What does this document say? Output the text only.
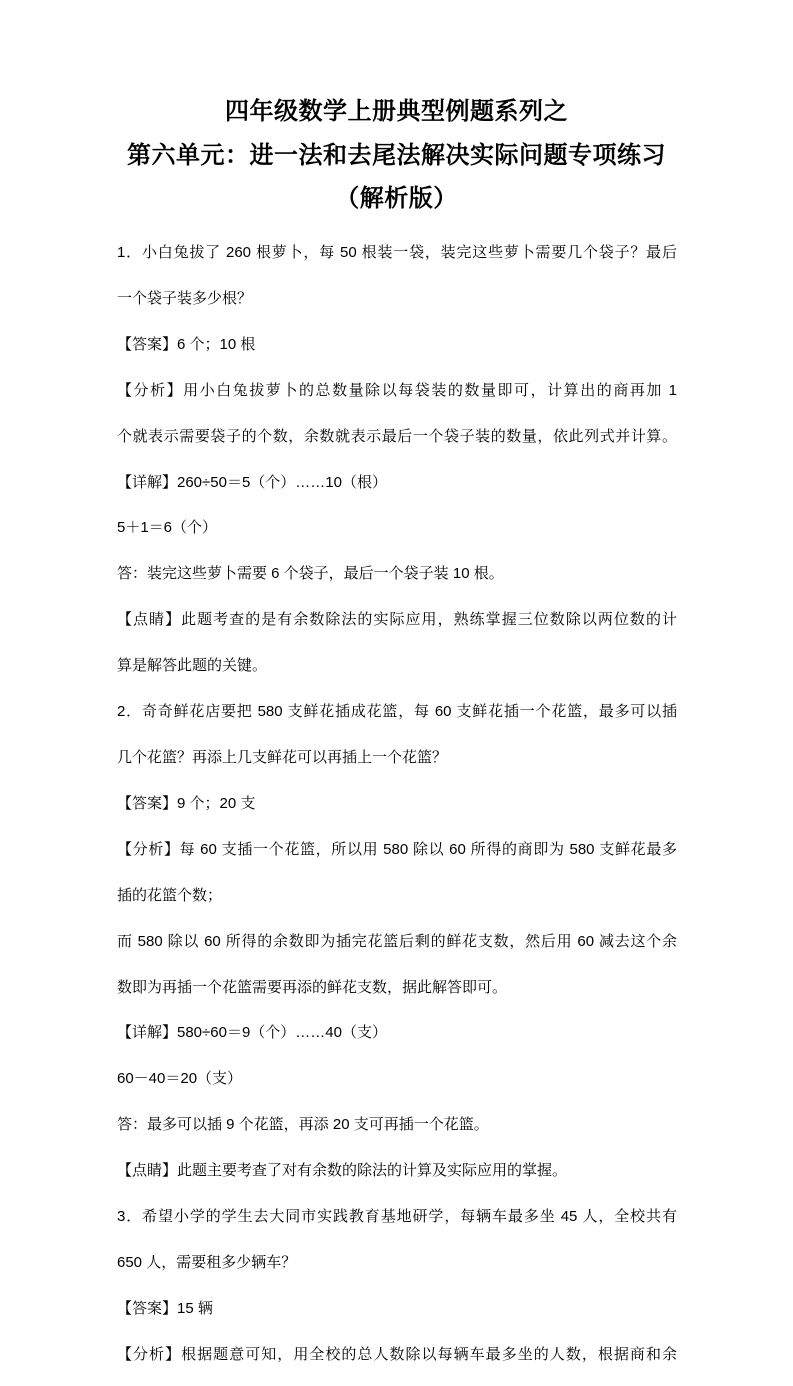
四年级数学上册典型例题系列之
第六单元：进一法和去尾法解决实际问题专项练习
（解析版）

1．小白兔拔了 260 根萝卜，每 50 根装一袋，装完这些萝卜需要几个袋子？最后

一个袋子装多少根？

【答案】6 个；10 根

【分析】用小白兔拔萝卜的总数量除以每袋装的数量即可，计算出的商再加 1

个就表示需要袋子的个数，余数就表示最后一个袋子装的数量，依此列式并计算。

【详解】260÷50＝5（个）……10（根）

5＋1＝6（个）

答：装完这些萝卜需要 6 个袋子，最后一个袋子装 10 根。

【点睛】此题考查的是有余数除法的实际应用，熟练掌握三位数除以两位数的计

算是解答此题的关键。

2．奇奇鲜花店要把 580 支鲜花插成花篮，每 60 支鲜花插一个花篮，最多可以插

几个花篮？再添上几支鲜花可以再插上一个花篮？

【答案】9 个；20 支

【分析】每 60 支插一个花篮，所以用 580 除以 60 所得的商即为 580 支鲜花最多

插的花篮个数；

而 580 除以 60 所得的余数即为插完花篮后剩的鲜花支数，然后用 60 减去这个余

数即为再插一个花篮需要再添的鲜花支数，据此解答即可。

【详解】580÷60＝9（个）……40（支）

60－40＝20（支）

答：最多可以插 9 个花篮，再添 20 支可再插一个花篮。

【点睛】此题主要考查了对有余数的除法的计算及实际应用的掌握。

3．希望小学的学生去大同市实践教育基地研学，每辆车最多坐 45 人，全校共有

650 人，需要租多少辆车？

【答案】15 辆

【分析】根据题意可知，用全校的总人数除以每辆车最多坐的人数，根据商和余
